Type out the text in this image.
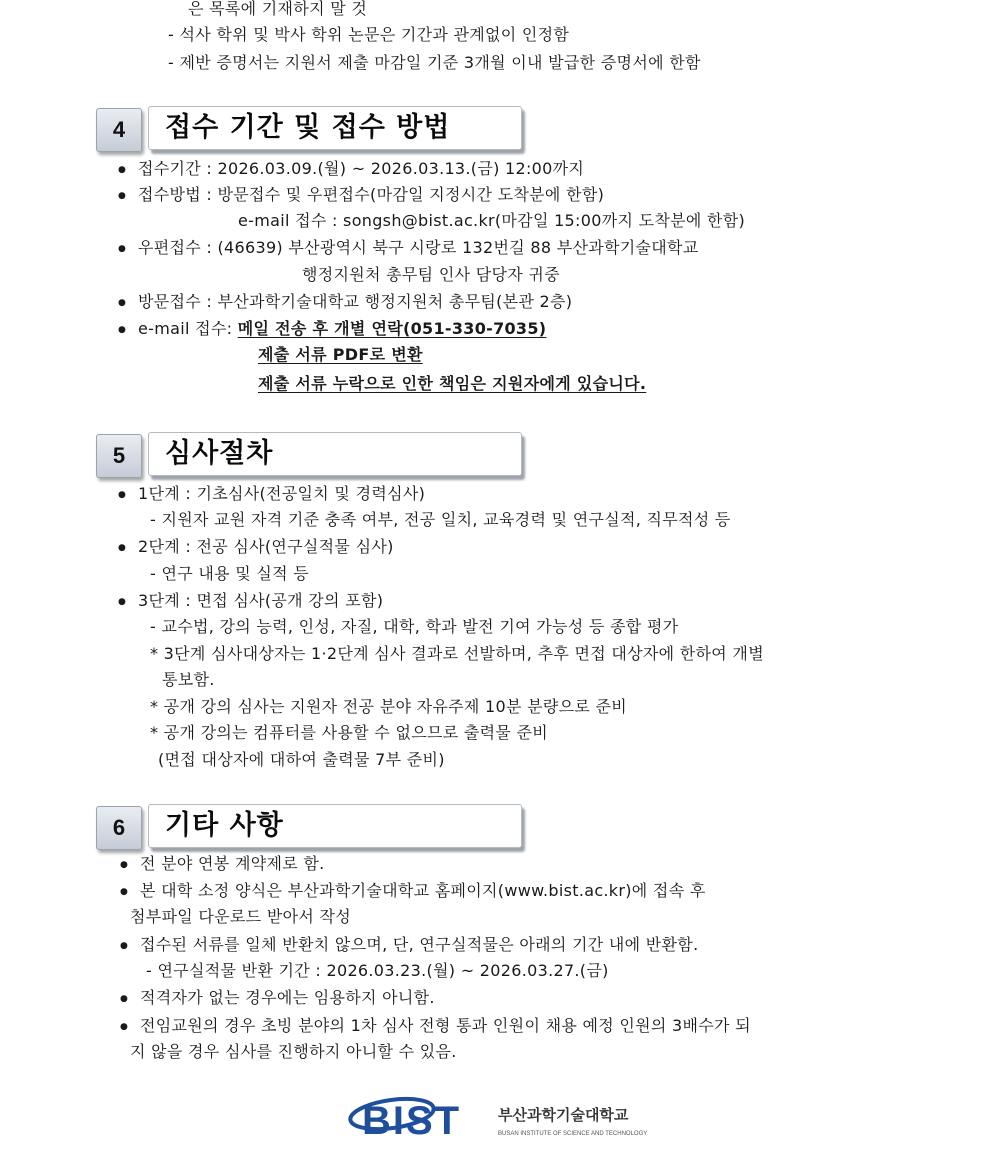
은 목록에 기재하지 말 것
- 석사 학위 및 박사 학위 논문은 기간과 관계없이 인정함
- 제반 증명서는 지원서 제출 마감일 기준 3개월 이내 발급한 증명서에 한함
4	접수 기간 및 접수 방법
● 접수기간 : 2026.03.09.(월) ~ 2026.03.13.(금) 12:00까지
● 접수방법 : 방문접수 및 우편접수(마감일 지정시간 도착분에 한함)
e-mail 접수 : songsh@bist.ac.kr(마감일 15:00까지 도착분에 한함)
● 우편접수 : (46639) 부산광역시 북구 시랑로 132번길 88 부산과학기술대학교
행정지원처 총무팀 인사 담당자 귀중
● 방문접수 : 부산과학기술대학교 행정지원처 총무팀(본관 2층)
● e-mail 접수: 메일 전송 후 개별 연락(051-330-7035)
제출 서류 PDF로 변환
제출 서류 누락으로 인한 책임은 지원자에게 있습니다.
5	심사절차
● 1단계 : 기초심사(전공일치 및 경력심사)
- 지원자 교원 자격 기준 충족 여부, 전공 일치, 교육경력 및 연구실적, 직무적성 등
● 2단계 : 전공 심사(연구실적물 심사)
- 연구 내용 및 실적 등
● 3단계 : 면접 심사(공개 강의 포함)
- 교수법, 강의 능력, 인성, 자질, 대학, 학과 발전 기여 가능성 등 종합 평가
* 3단계 심사대상자는 1·2단계 심사 결과로 선발하며, 추후 면접 대상자에 한하여 개별
통보함.
* 공개 강의 심사는 지원자 전공 분야 자유주제 10분 분량으로 준비
* 공개 강의는 컴퓨터를 사용할 수 없으므로 출력물 준비
(면접 대상자에 대하여 출력물 7부 준비)
6	기타 사항
● 전 분야 연봉 계약제로 함.
● 본 대학 소정 양식은 부산과학기술대학교 홈페이지(www.bist.ac.kr)에 접속 후
첨부파일 다운로드 받아서 작성
● 접수된 서류를 일체 반환치 않으며, 단, 연구실적물은 아래의 기간 내에 반환함.
- 연구실적물 반환 기간 : 2026.03.23.(월) ~ 2026.03.27.(금)
● 적격자가 없는 경우에는 임용하지 아니함.
● 전임교원의 경우 초빙 분야의 1차 심사 전형 통과 인원이 채용 예정 인원의 3배수가 되
지 않을 경우 심사를 진행하지 아니할 수 있음.
BIST 부산과학기술대학교
BUSAN INSTITUTE OF SCIENCE AND TECHNOLOGY
